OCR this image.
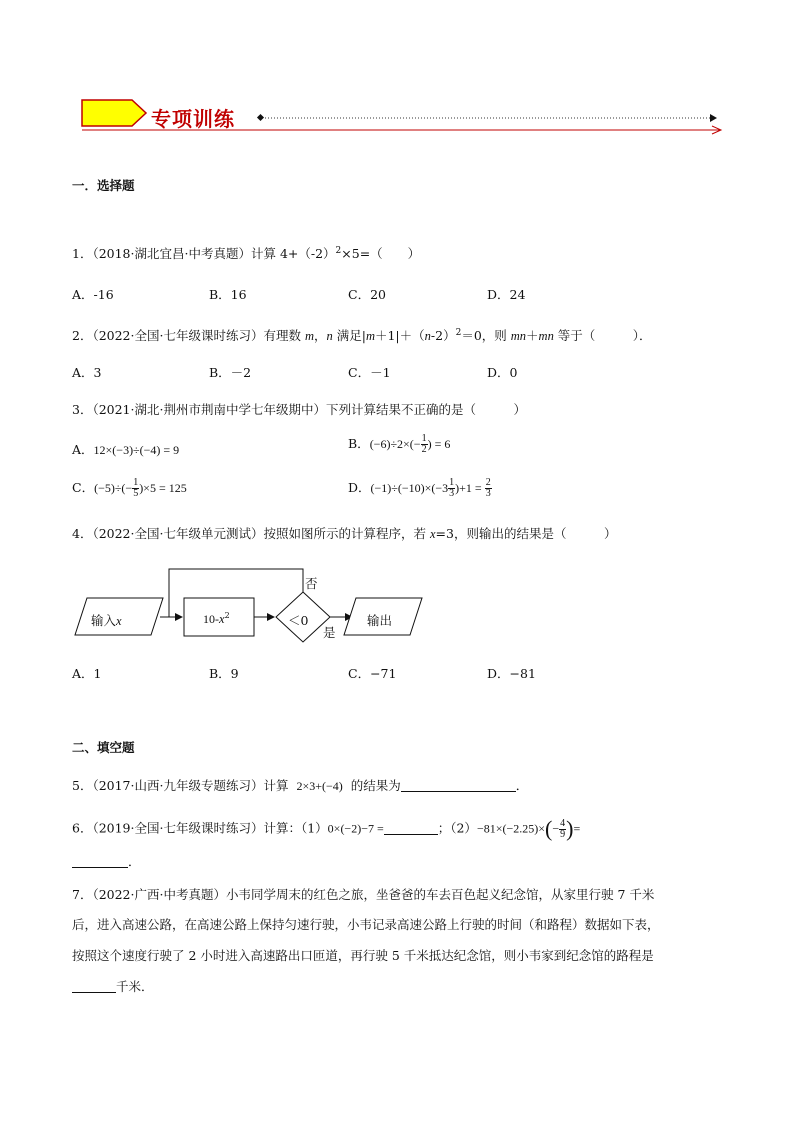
专项训练
一．选择题
1．（2018·湖北宜昌·中考真题）计算 $4+(-2)^2\times 5=$（　　）
A．-16	B．16	C．20	D．24
2．（2022·全国·七年级课时练习）有理数 m，n 满足$|m+1|+(n-2)^2=0$，则 mn＋mn 等于（　　　）．
A．3	B．－2	C．－1	D．0
3．（2021·湖北·荆州市荆南中学七年级期中）下列计算结果不正确的是（　　　）
A．12×(−3)÷(−4) = 9	B．$(-6)\div 2\times(- \frac{1}{2}$ ) = 6
C．$(-5)\div(- \frac{1}{5} )\times 5 = 125$	D．$(-1)\div(-10)\times(-3 \frac{1}{3} )+1 = \frac{2}{3}$
4．（2022·全国·七年级单元测试）按照如图所示的计算程序，若 x=3，则输出的结果是（　　　）
输入x	$10-x^2$	＜0
否
是
输出
A．1	B．9	C．−71	D．−81
二、填空题
5．（2017·山西·九年级专题练习）计算 2×3+(−4) 的结果为	．
6．（2019·全国·七年级课时练习）计算：（1）0×(−2)−7 =	；$(2)-81\times(-2.25)\times(- \frac{4}{9}$ )=
．
7．（2022·广西·中考真题）小韦同学周末的红色之旅，坐爸爸的车去百色起义纪念馆，从家里行驶 7 千米
后，进入高速公路，在高速公路上保持匀速行驶，小韦记录高速公路上行驶的时间（和路程）数据如下表，
按照这个速度行驶了 2 小时进入高速路出口匝道，再行驶 5 千米抵达纪念馆，则小韦家到纪念馆的路程是
千米．
